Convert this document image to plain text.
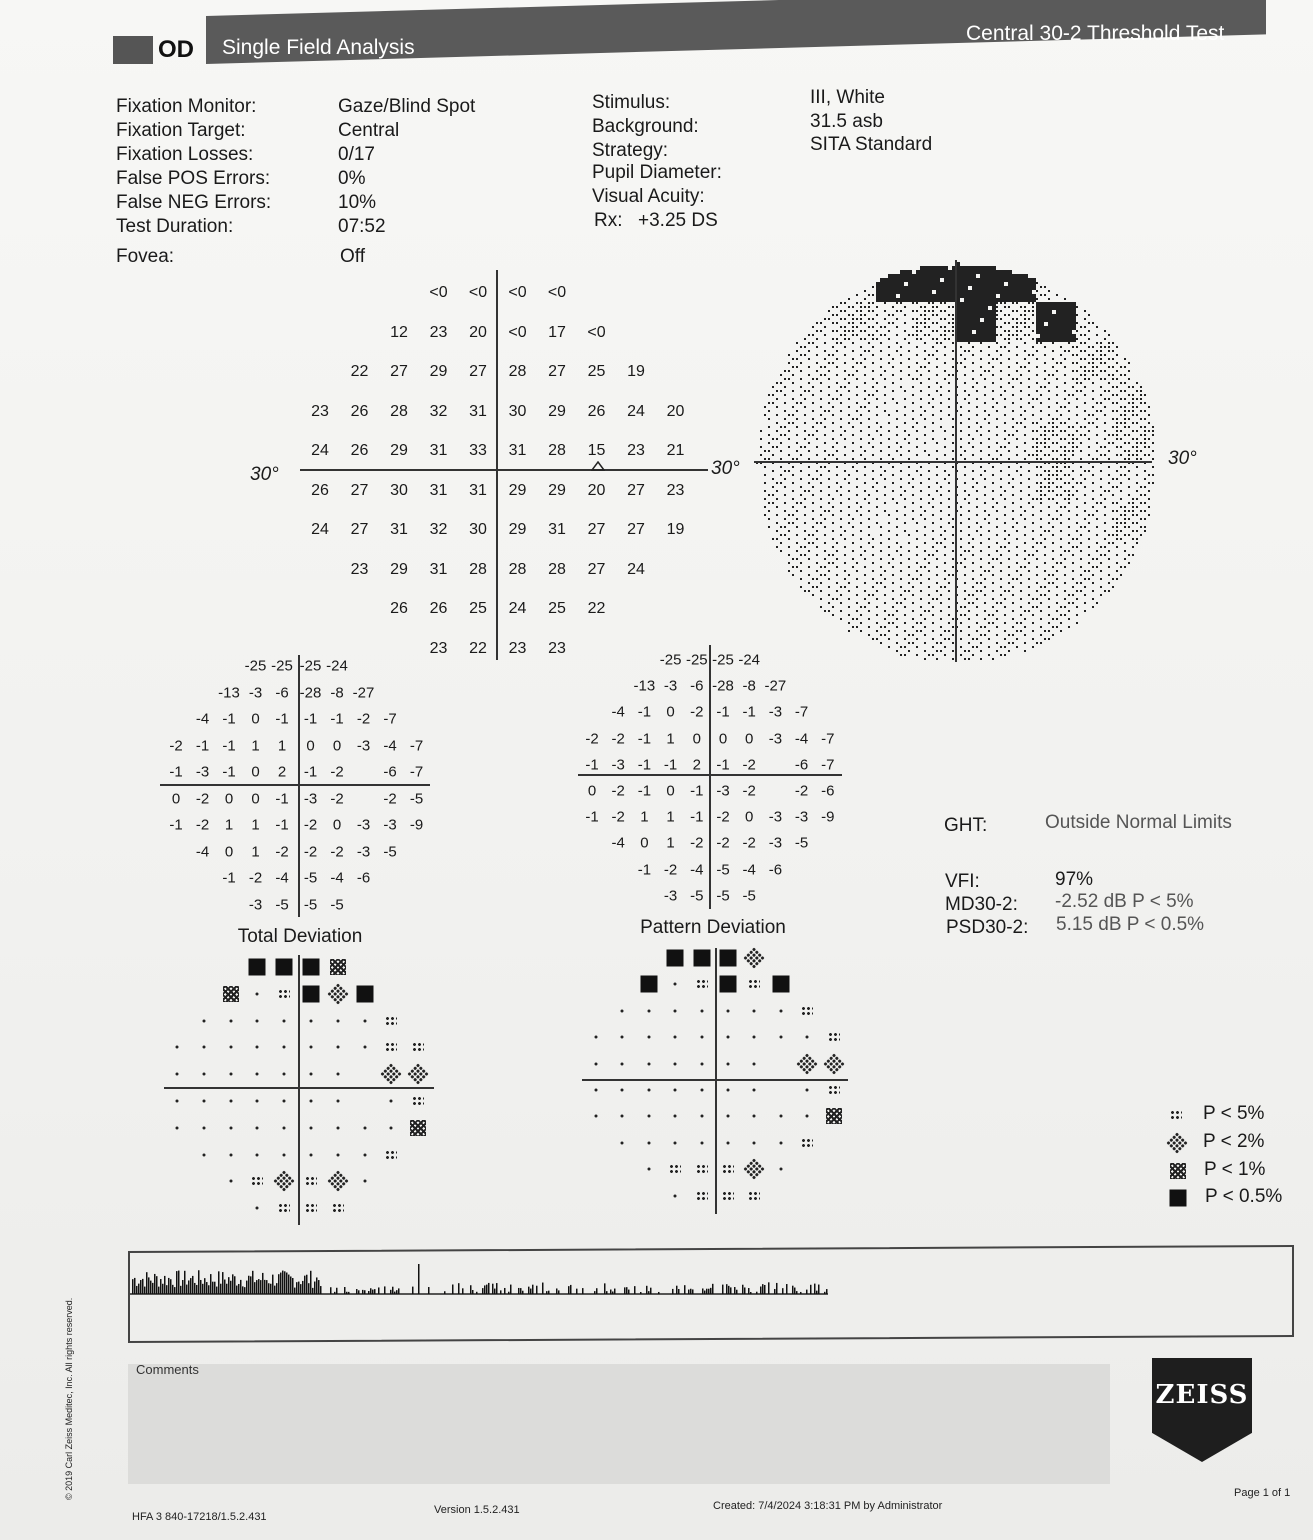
OD Single Field Analysis
Central 30-2 Threshold Test
Fixation Monitor:	Gaze/Blind Spot
Fixation Target:	Central
Fixation Losses:	0/17
False POS Errors:	0%
False NEG Errors:	10%
Test Duration:	07:52
Fovea:	Off
Stimulus:	III, White
Background:	31.5 asb
Strategy:	SITA Standard
Pupil Diameter:
Visual Acuity:
Rx: +3.25 DS
<0 <0 <0 <0
12 23 20 <0 17 <0
22 27 29 27 28 27 25 19
23 26 28 32 31 30 29 26 24 20
24 26 29 31 33 31 28 15 23 21
26 27 30 31 31 29 29 20 27 23
24 27 31 32 30 29 31 27 27 19
23 29 31 28 28 28 27 24
26 26 25 24 25 22
23 22 23 23
30°	30°	30°
-25 -25 -25 -24
-13 -3 -6 -28 -8 -27
-4 -1 0 -1 -1 -1 -2 -7
-2 -1 -1 1 1 0 0 -3 -4 -7
-1 -3 -1 0 2 -1 -2	-6 -7
0 -2 0 0 -1 -3 -2	-2 -5
-1 -2 1 1 -1 -2 0 -3 -3 -9
-4 0 1 -2 -2 -2 -3 -5
-1 -2 -4 -5 -4 -6
-3 -5 -5 -5
-25 -25 -25 -24
-13 -3 -6 -28 -8 -27
-4 -1 0 -2 -1 -1 -3 -7
-2 -2 -1 1 0 0 0 -3 -4 -7
-1 -3 -1 -1 2 -1 -2	-6 -7
0 -2 -1 0 -1 -3 -2	-2 -6
-1 -2 1 1 -1 -2 0 -3 -3 -9
-4 0 1 -2 -2 -2 -3 -5
-1 -2 -4 -5 -4 -6
-3 -5 -5 -5
Total Deviation	Pattern Deviation
GHT:	Outside Normal Limits
VFI:	97%
MD30-2: -2.52 dB P < 5%
PSD30-2: 5.15 dB P < 0.5%
P < 5%
P < 2%
P < 1%
P < 0.5%
Comments
ZEISS
HFA 3 840-17218/1.5.2.431
Version 1.5.2.431	Created: 7/4/2024 3:18:31 PM by Administrator
Page 1 of 1
© 2019 Carl Zeiss Meditec, Inc. All rights reserved.
